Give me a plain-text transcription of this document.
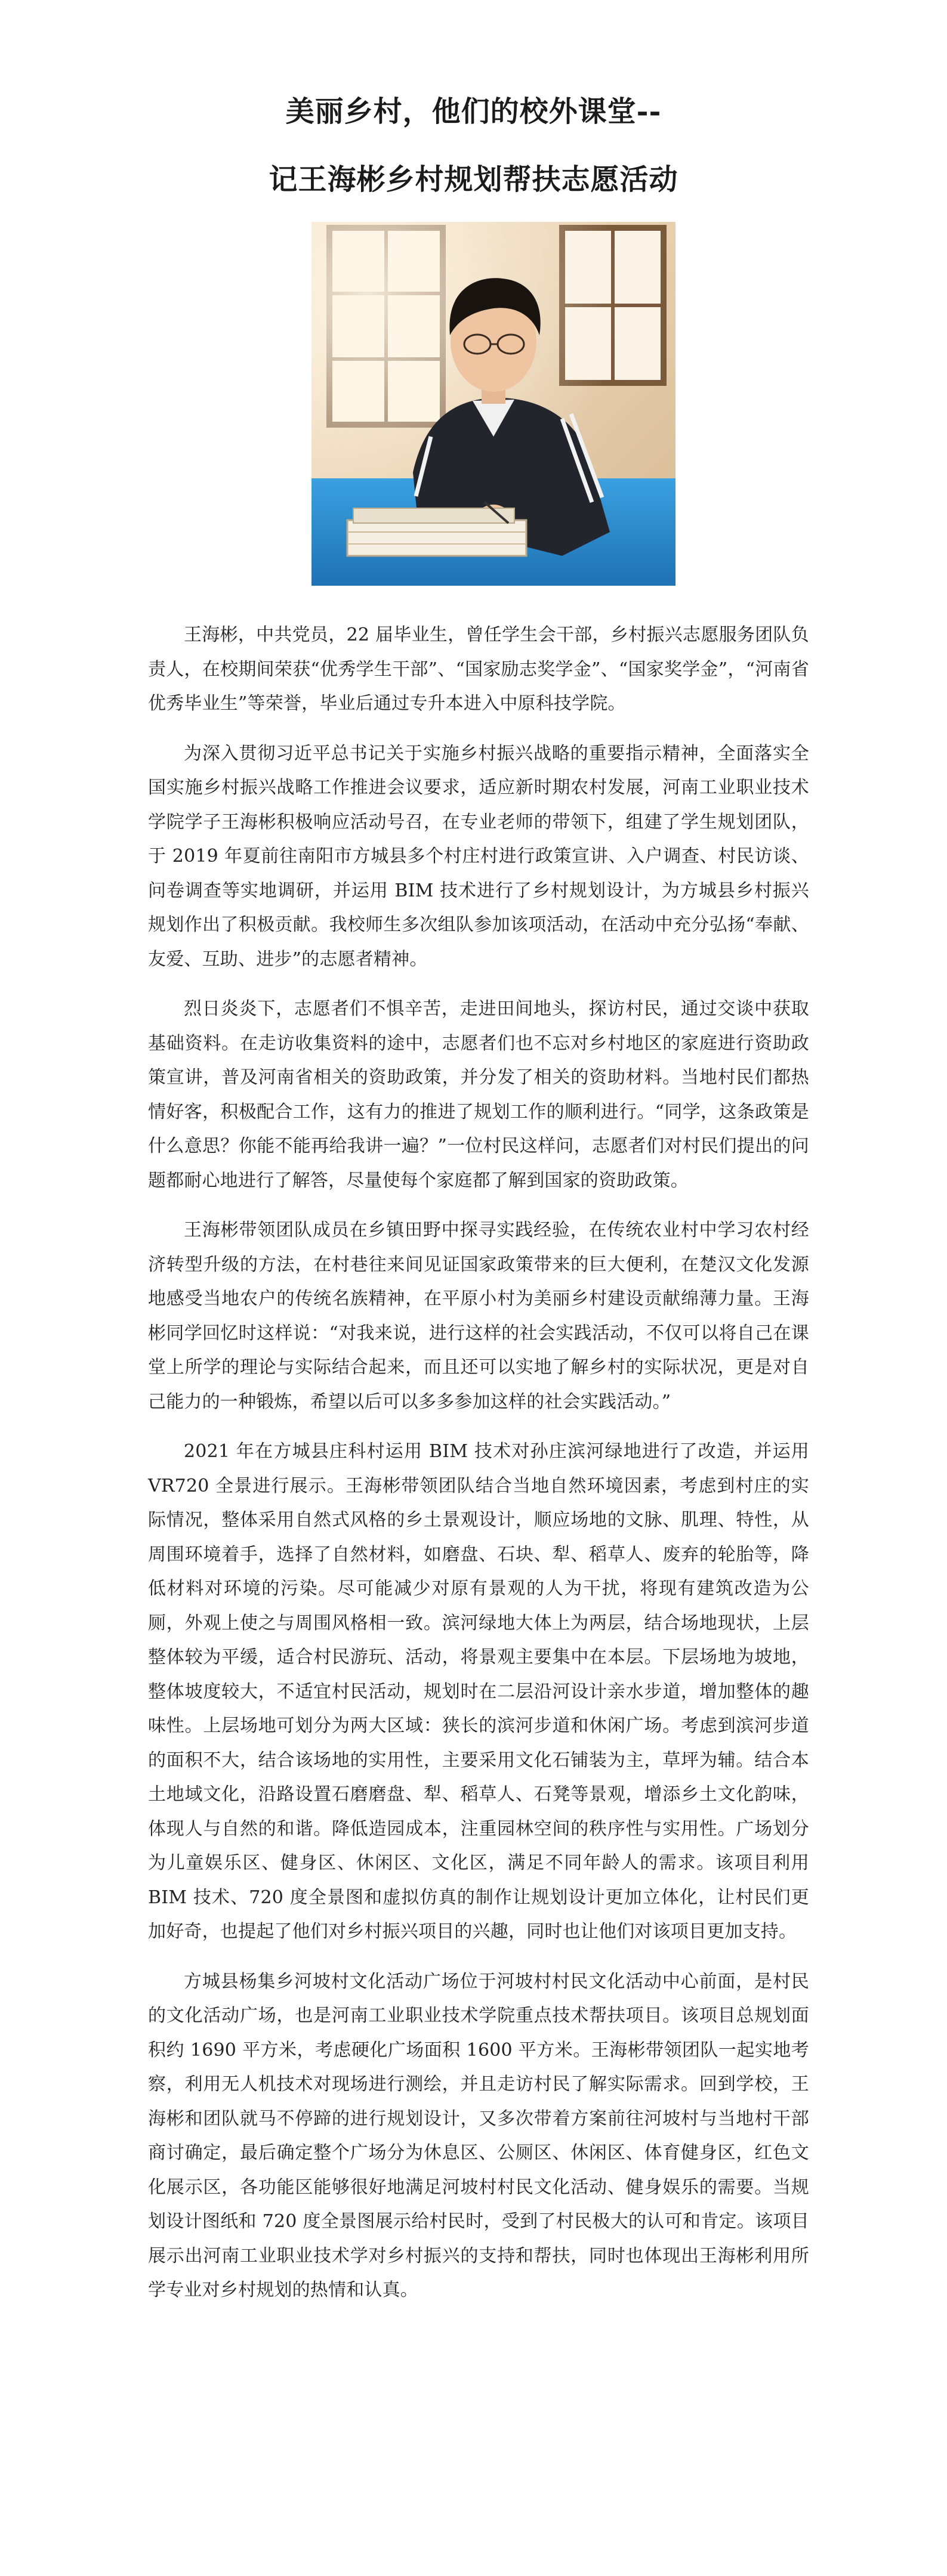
美丽乡村，他们的校外课堂--
记王海彬乡村规划帮扶志愿活动

王海彬，中共党员，22 届毕业生，曾任学生会干部，乡村振兴志愿服务团队负责人，在校期间荣获“优秀学生干部”、“国家励志奖学金”、“国家奖学金”，“河南省优秀毕业生”等荣誉，毕业后通过专升本进入中原科技学院。

为深入贯彻习近平总书记关于实施乡村振兴战略的重要指示精神，全面落实全国实施乡村振兴战略工作推进会议要求，适应新时期农村发展，河南工业职业技术学院学子王海彬积极响应活动号召，在专业老师的带领下，组建了学生规划团队，于 2019 年夏前往南阳市方城县多个村庄村进行政策宣讲、入户调查、村民访谈、问卷调查等实地调研，并运用 BIM 技术进行了乡村规划设计，为方城县乡村振兴规划作出了积极贡献。我校师生多次组队参加该项活动，在活动中充分弘扬“奉献、友爱、互助、进步”的志愿者精神。

烈日炎炎下，志愿者们不惧辛苦，走进田间地头，探访村民，通过交谈中获取基础资料。在走访收集资料的途中，志愿者们也不忘对乡村地区的家庭进行资助政策宣讲，普及河南省相关的资助政策，并分发了相关的资助材料。当地村民们都热情好客，积极配合工作，这有力的推进了规划工作的顺利进行。“同学，这条政策是什么意思？你能不能再给我讲一遍？”一位村民这样问，志愿者们对村民们提出的问题都耐心地进行了解答，尽量使每个家庭都了解到国家的资助政策。

王海彬带领团队成员在乡镇田野中探寻实践经验，在传统农业村中学习农村经济转型升级的方法，在村巷往来间见证国家政策带来的巨大便利，在楚汉文化发源地感受当地农户的传统名族精神，在平原小村为美丽乡村建设贡献绵薄力量。王海彬同学回忆时这样说：“对我来说，进行这样的社会实践活动，不仅可以将自己在课堂上所学的理论与实际结合起来，而且还可以实地了解乡村的实际状况，更是对自己能力的一种锻炼，希望以后可以多多参加这样的社会实践活动。”

2021 年在方城县庄科村运用 BIM 技术对孙庄滨河绿地进行了改造，并运用 VR720 全景进行展示。王海彬带领团队结合当地自然环境因素，考虑到村庄的实际情况，整体采用自然式风格的乡土景观设计，顺应场地的文脉、肌理、特性，从周围环境着手，选择了自然材料，如磨盘、石块、犁、稻草人、废弃的轮胎等，降低材料对环境的污染。尽可能减少对原有景观的人为干扰，将现有建筑改造为公厕，外观上使之与周围风格相一致。滨河绿地大体上为两层，结合场地现状，上层整体较为平缓，适合村民游玩、活动，将景观主要集中在本层。下层场地为坡地，整体坡度较大，不适宜村民活动，规划时在二层沿河设计亲水步道，增加整体的趣味性。上层场地可划分为两大区域：狭长的滨河步道和休闲广场。考虑到滨河步道的面积不大，结合该场地的实用性，主要采用文化石铺装为主，草坪为辅。结合本土地域文化，沿路设置石磨磨盘、犁、稻草人、石凳等景观，增添乡土文化韵味，体现人与自然的和谐。降低造园成本，注重园林空间的秩序性与实用性。广场划分为儿童娱乐区、健身区、休闲区、文化区，满足不同年龄人的需求。该项目利用 BIM 技术、720 度全景图和虚拟仿真的制作让规划设计更加立体化，让村民们更加好奇，也提起了他们对乡村振兴项目的兴趣，同时也让他们对该项目更加支持。

方城县杨集乡河坡村文化活动广场位于河坡村村民文化活动中心前面，是村民的文化活动广场，也是河南工业职业技术学院重点技术帮扶项目。该项目总规划面积约 1690 平方米，考虑硬化广场面积 1600 平方米。王海彬带领团队一起实地考察，利用无人机技术对现场进行测绘，并且走访村民了解实际需求。回到学校，王海彬和团队就马不停蹄的进行规划设计，又多次带着方案前往河坡村与当地村干部商讨确定，最后确定整个广场分为休息区、公厕区、休闲区、体育健身区，红色文化展示区，各功能区能够很好地满足河坡村村民文化活动、健身娱乐的需要。当规划设计图纸和 720 度全景图展示给村民时，受到了村民极大的认可和肯定。该项目展示出河南工业职业技术学对乡村振兴的支持和帮扶，同时也体现出王海彬利用所学专业对乡村规划的热情和认真。
